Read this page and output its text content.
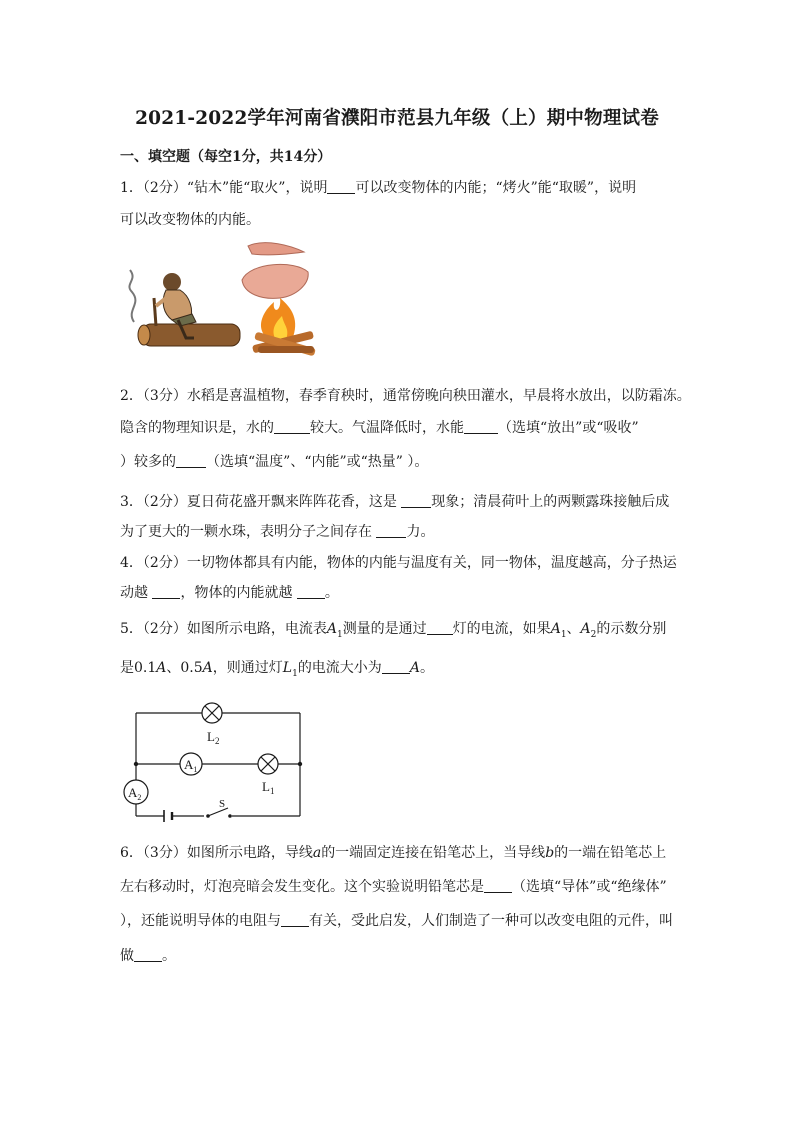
2021-2022学年河南省濮阳市范县九年级（上）期中物理试卷
一、填空题（每空1分，共14分）
1．（2分）“钻木”能“取火”，说明 可以改变物体的内能；“烤火”能“取暖”，说明
可以改变物体的内能。
2．（3分）水稻是喜温植物，春季育秧时，通常傍晚向秧田灌水，早晨将水放出，以防霜冻。
隐含的物理知识是，水的	较大。气温降低时，水能 （选填“放出”或“吸收”
）较多的 （选填“温度”、“内能”或“热量” ）。
3．（2分）夏日荷花盛开飘来阵阵花香，这是 现象；清晨荷叶上的两颗露珠接触后成
为了更大的一颗水珠，表明分子之间存在 力。
4．（2分）一切物体都具有内能，物体的内能与温度有关，同一物体，温度越高，分子热运
动越 ，物体的内能就越 。
5．（2分）如图所示电路，电流表$A_1$测量的是通过 灯的电流，如果$A_1$、$A_2$的示数分别
是0.1A、0.5A，则通过灯$L_1$的电流大小为 A。
$L_2$
$A_1$
$L_1$
$A_2$
S
6．（3分）如图所示电路，导线a的一端固定连接在铅笔芯上，当导线b的一端在铅笔芯上
左右移动时，灯泡亮暗会发生变化。这个实验说明铅笔芯是 （选填“导体”或“绝缘体”
），还能说明导体的电阻与 有关，受此启发，人们制造了一种可以改变电阻的元件，叫
做 。
